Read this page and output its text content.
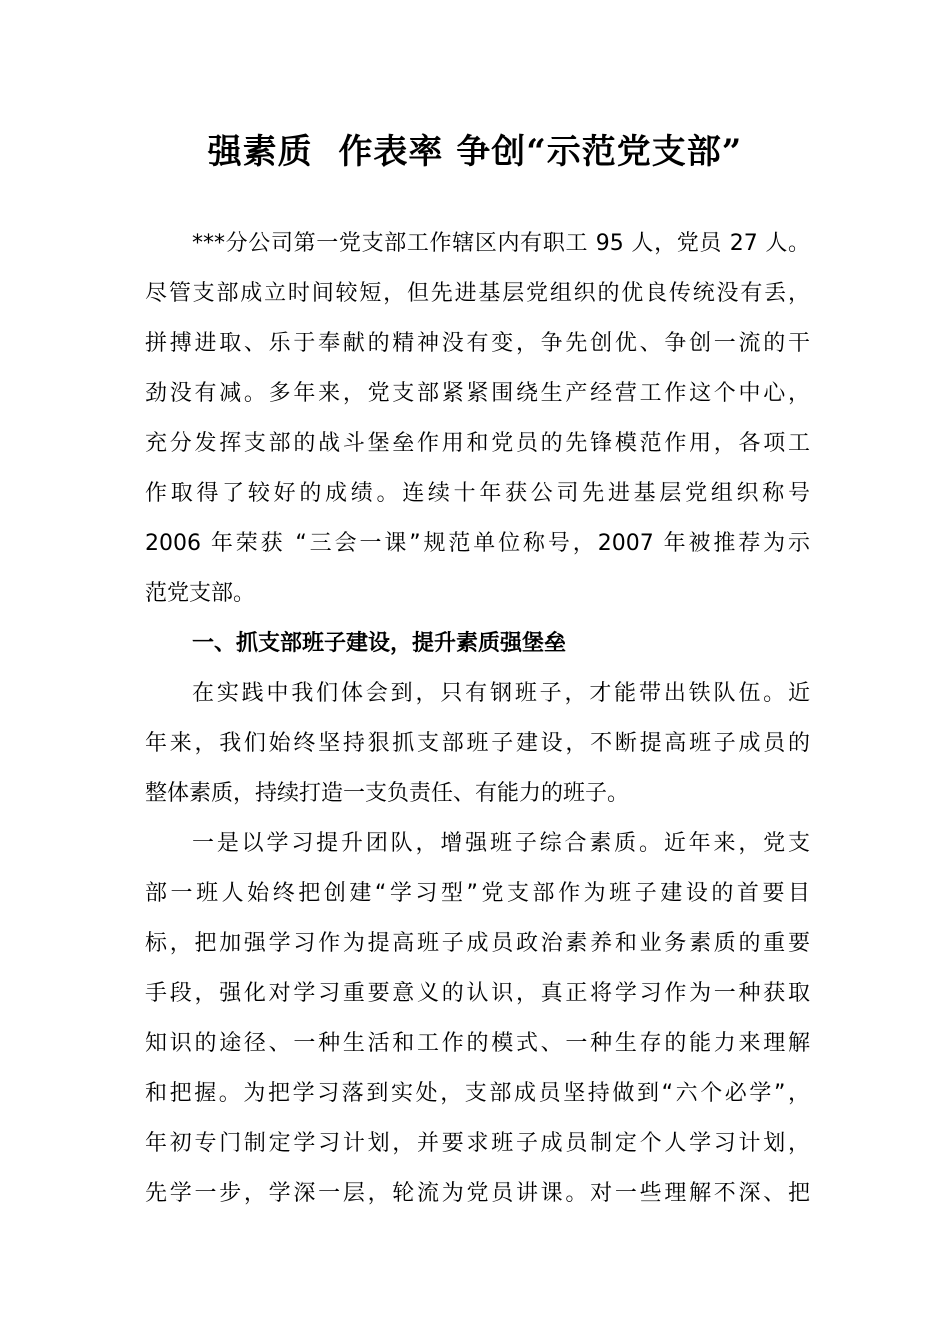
强素质  作表率 争创“示范党支部”
***分公司第一党支部工作辖区内有职工 95 人，党员 27 人。
尽管支部成立时间较短，但先进基层党组织的优良传统没有丢，
拼搏进取、乐于奉献的精神没有变，争先创优、争创一流的干
劲没有减。多年来，党支部紧紧围绕生产经营工作这个中心，
充分发挥支部的战斗堡垒作用和党员的先锋模范作用，各项工
作取得了较好的成绩。连续十年获公司先进基层党组织称号
2006 年荣获 “三会一课”规范单位称号，2007 年被推荐为示
范党支部。
一、抓支部班子建设，提升素质强堡垒
在实践中我们体会到，只有钢班子，才能带出铁队伍。近
年来，我们始终坚持狠抓支部班子建设，不断提高班子成员的
整体素质，持续打造一支负责任、有能力的班子。
一是以学习提升团队，增强班子综合素质。近年来，党支
部一班人始终把创建“学习型”党支部作为班子建设的首要目
标，把加强学习作为提高班子成员政治素养和业务素质的重要
手段，强化对学习重要意义的认识，真正将学习作为一种获取
知识的途径、一种生活和工作的模式、一种生存的能力来理解
和把握。为把学习落到实处，支部成员坚持做到“六个必学”，
年初专门制定学习计划，并要求班子成员制定个人学习计划，
先学一步，学深一层，轮流为党员讲课。对一些理解不深、把
